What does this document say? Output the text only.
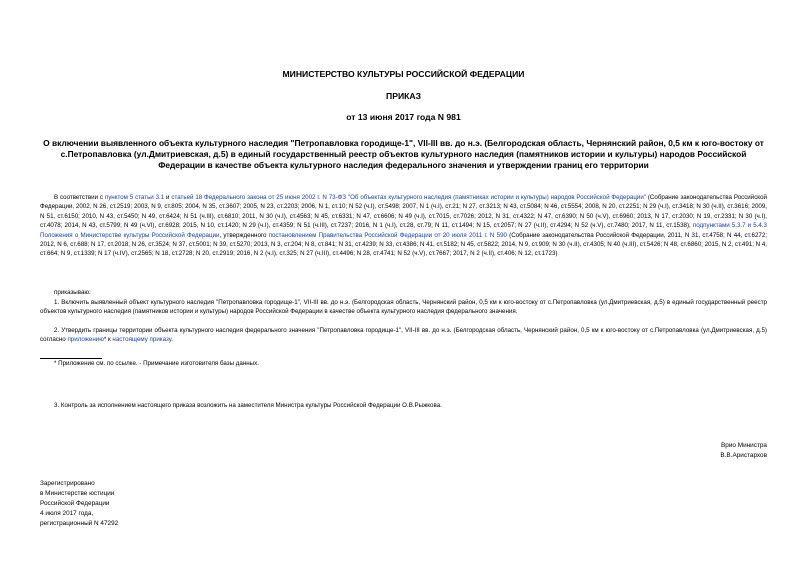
МИНИСТЕРСТВО КУЛЬТУРЫ РОССИЙСКОЙ ФЕДЕРАЦИИ
ПРИКАЗ
от 13 июня 2017 года N 981
О включении выявленного объекта культурного наследия "Петропавловка городище-1", VII-III вв. до н.э. (Белгородская область, Чернянский район, 0,5 км к юго-востоку от с.Петропавловка (ул.Дмитриевская, д.5) в единый государственный реестр объектов культурного наследия (памятников истории и культуры) народов Российской Федерации в качестве объекта культурного наследия федерального значения и утверждении границ его территории
В соответствии с пунктом 5 статьи 3.1 и статьей 18 Федерального закона от 25 июня 2002 г. N 73-ФЗ "Об объектах культурного наследия (памятниках истории и культуры) народов Российской Федерации" (Собрание законодательства Российской Федерации, 2002, N 26, ст.2519; 2003, N 9, ст.805; 2004, N 35, ст.3607; 2005, N 23, ст.2203; 2006, N 1, ст.10; N 52 (ч.I), ст.5498; 2007, N 1 (ч.I), ст.21; N 27, ст.3213; N 43, ст.5084; N 46, ст.5554; 2008, N 20, ст.2251; N 29 (ч.I), ст.3418; N 30 (ч.II), ст.3616; 2009, N 51, ст.6150; 2010, N 43, ст.5450; N 49, ст.6424; N 51 (ч.III), ст.6810; 2011, N 30 (ч.I), ст.4563; N 45, ст.6331; N 47, ст.6606; N 49 (ч.I), ст.7015, ст.7026; 2012, N 31, ст.4322; N 47, ст.6390; N 50 (ч.V), ст.6960; 2013, N 17, ст.2030; N 19, ст.2331; N 30 (ч.I), ст.4078; 2014, N 43, ст.5799; N 49 (ч.VI), ст.6928; 2015, N 10, ст.1420; N 29 (ч.I), ст.4359; N 51 (ч.III), ст.7237; 2016, N 1 (ч.I), ст.28, ст.79; N 11, ст.1494; N 15, ст.2057; N 27 (ч.II), ст.4294; N 52 (ч.V), ст.7480; 2017, N 11, ст.1538), подпунктами 5.3.7 и 5.4.3 Положения о Министерстве культуры Российской Федерации, утвержденного постановлением Правительства Российской Федерации от 20 июля 2011 г. N 590 (Собрание законодательства Российской Федерации, 2011, N 31, ст.4758; N 44, ст.6272; 2012, N 6, ст.688; N 17, ст.2018; N 26, ст.3524; N 37, ст.5001; N 39, ст.5270; 2013, N 3, ст.204; N 8, ст.841; N 31, ст.4239; N 33, ст.4386; N 41, ст.5182; N 45, ст.5822; 2014, N 9, ст.909; N 30 (ч.II), ст.4305; N 40 (ч.III), ст.5426; N 48, ст.6860; 2015, N 2, ст.491; N 4, ст.664; N 9, ст.1339; N 17 (ч.IV), ст.2565; N 18, ст.2728; N 20, ст.2919; 2016, N 2 (ч.I), ст.325; N 27 (ч.III), ст.4496; N 28, ст.4741; N 52 (ч.V), ст.7667; 2017, N 2 (ч.II), ст.406; N 12, ст.1723)
приказываю:
1. Включить выявленный объект культурного наследия "Петропавловка городище-1", VII-III вв. до н.э. (Белгородская область, Чернянский район, 0,5 км к юго-востоку от с.Петропавловка (ул.Дмитриевская, д.5) в единый государственный реестр объектов культурного наследия (памятников истории и культуры) народов Российской Федерации в качестве объекта культурного наследия федерального значения.
2. Утвердить границы территории объекта культурного наследия федерального значения "Петропавловка городище-1", VII-III вв. до н.э. (Белгородская область, Чернянский район, 0,5 км к юго-востоку от с.Петропавловка (ул.Дмитриевская, д.5) согласно приложению* к настоящему приказу.
* Приложение см. по ссылке. - Примечание изготовителя базы данных.
3. Контроль за исполнением настоящего приказа возложить на заместителя Министра культуры Российской Федерации О.В.Рыжкова.
Врио Министра
В.В.Аристархов
Зарегистрировано
в Министерстве юстиции
Российской Федерации
4 июля 2017 года,
регистрационный N 47292
